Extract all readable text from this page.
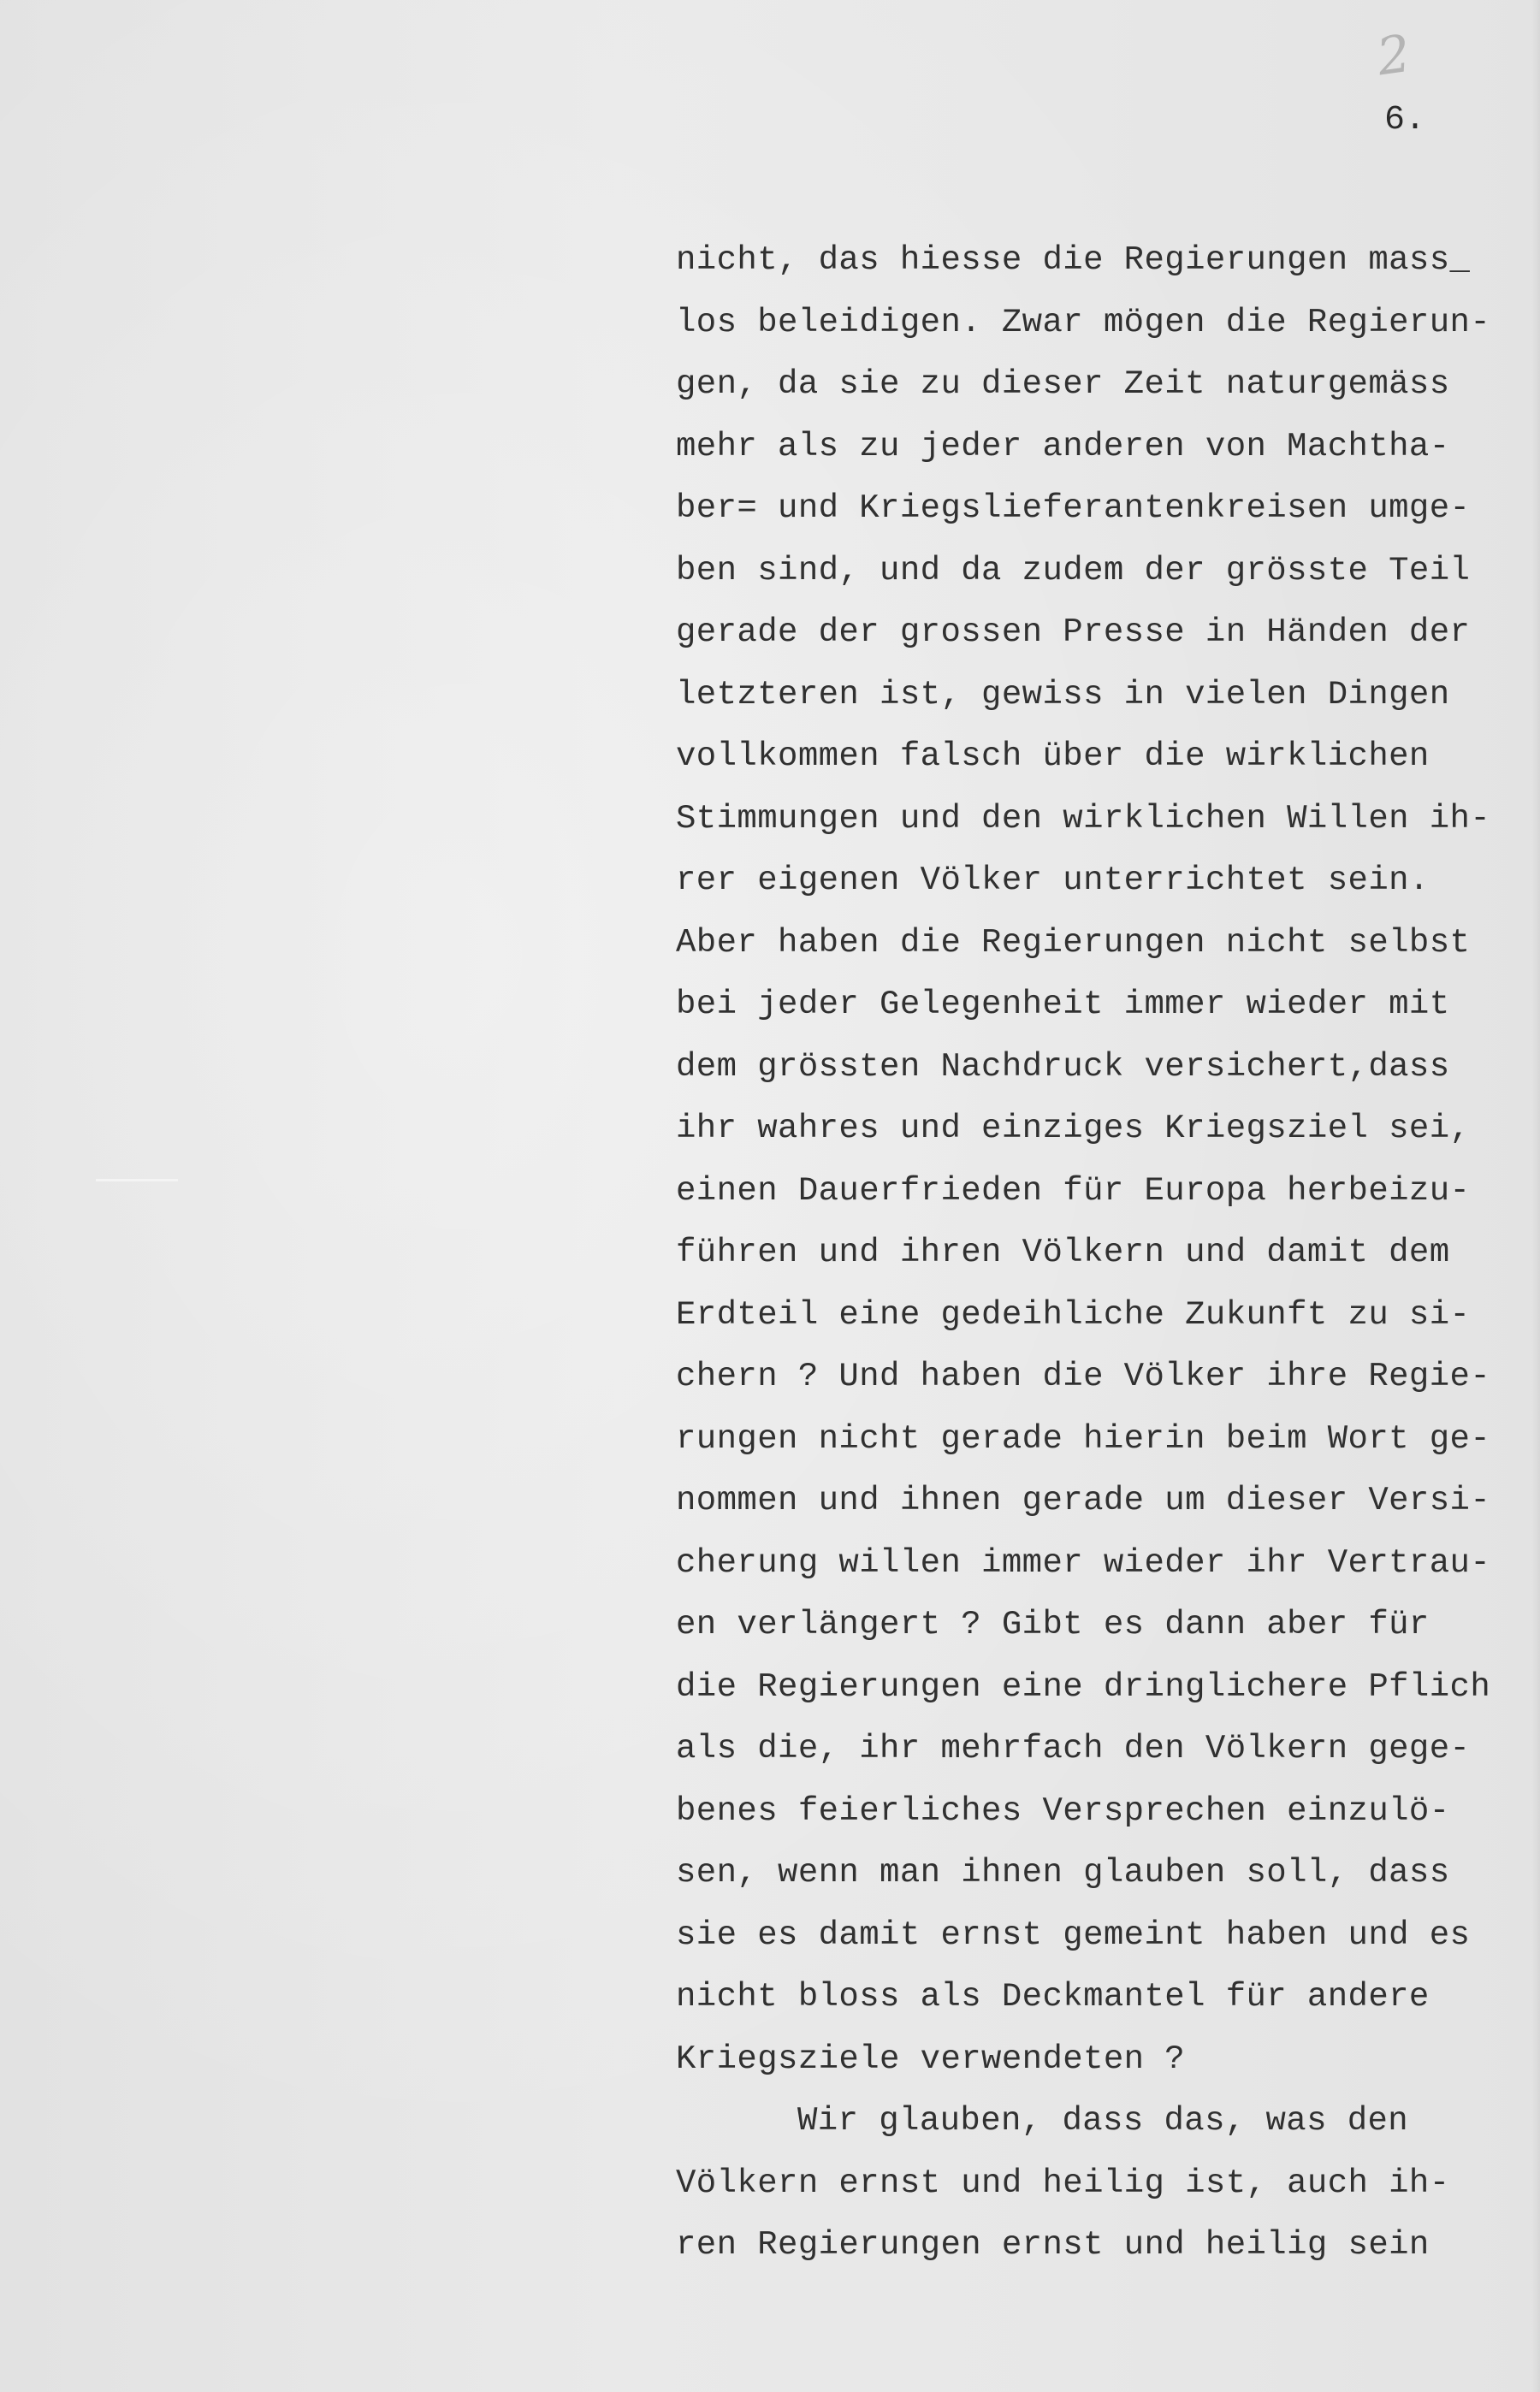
2
6.
nicht, das hiesse die Regierungen mass_
los beleidigen. Zwar mögen die Regierun-
gen, da sie zu dieser Zeit naturgemäss
mehr als zu jeder anderen von Machtha-
ber= und Kriegslieferantenkreisen umge-
ben sind, und da zudem der grösste Teil
gerade der grossen Presse in Händen der
letzteren ist, gewiss in vielen Dingen
vollkommen falsch über die wirklichen
Stimmungen und den wirklichen Willen ih-
rer eigenen Völker unterrichtet sein.
Aber haben die Regierungen nicht selbst
bei jeder Gelegenheit immer wieder mit
dem grössten Nachdruck versichert,dass
ihr wahres und einziges Kriegsziel sei,
einen Dauerfrieden für Europa herbeizu-
führen und ihren Völkern und damit dem
Erdteil eine gedeihliche Zukunft zu si-
chern ? Und haben die Völker ihre Regie-
rungen nicht gerade hierin beim Wort ge-
nommen und ihnen gerade um dieser Versi-
cherung willen immer wieder ihr Vertrau-
en verlängert ? Gibt es dann aber für
die Regierungen eine dringlichere Pflich
als die, ihr mehrfach den Völkern gege-
benes feierliches Versprechen einzulö-
sen, wenn man ihnen glauben soll, dass
sie es damit ernst gemeint haben und es
nicht bloss als Deckmantel für andere
Kriegsziele verwendeten ?
Wir glauben, dass das, was den
Völkern ernst und heilig ist, auch ih-
ren Regierungen ernst und heilig sein
